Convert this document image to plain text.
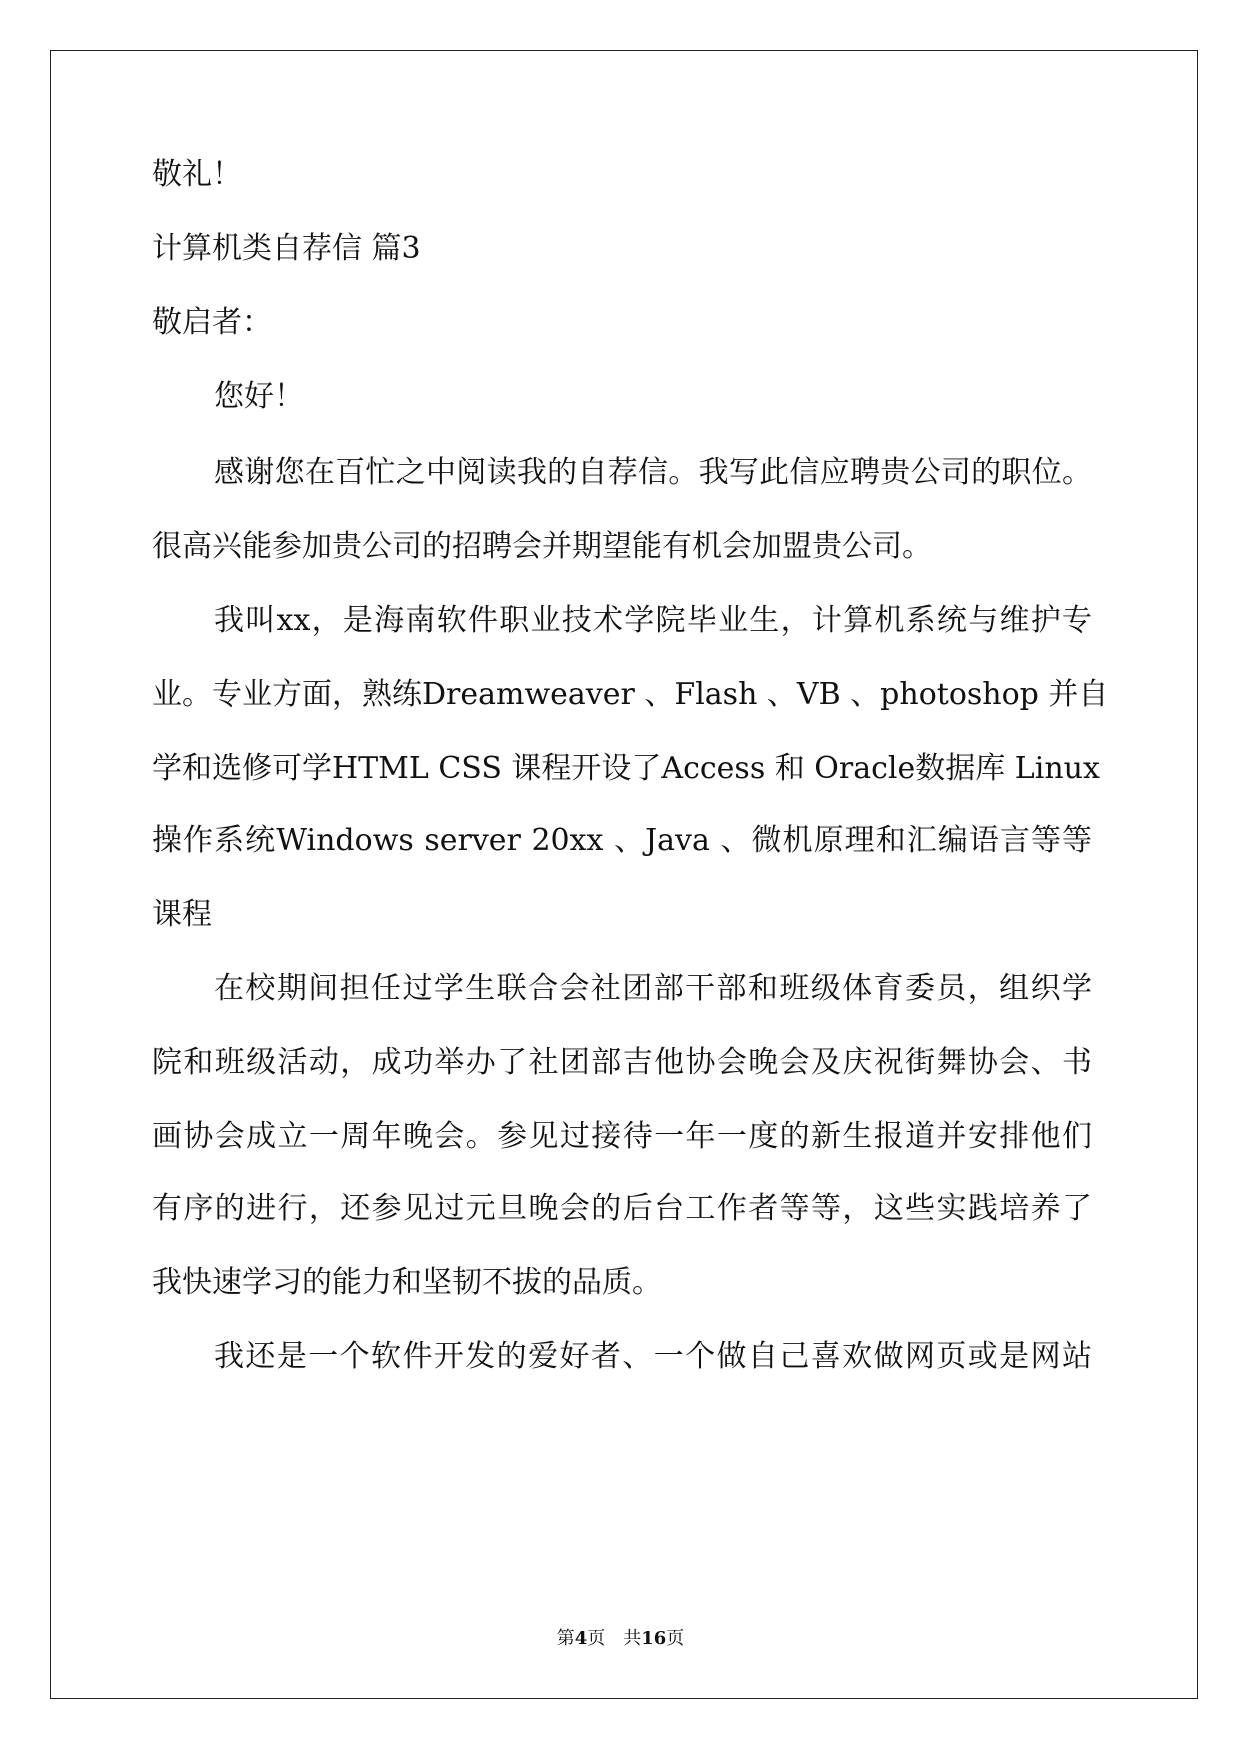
敬礼！
计算机类自荐信 篇3
敬启者：
您好！
感谢您在百忙之中阅读我的自荐信。我写此信应聘贵公司的职位。
很高兴能参加贵公司的招聘会并期望能有机会加盟贵公司。
我叫xx，是海南软件职业技术学院毕业生，计算机系统与维护专
业。专业方面，熟练Dreamweaver 、Flash 、VB 、photoshop 并自
学和选修可学HTML CSS 课程开设了Access 和 Oracle数据库 Linux
操作系统Windows server 20xx 、Java 、微机原理和汇编语言等等
课程
在校期间担任过学生联合会社团部干部和班级体育委员，组织学
院和班级活动，成功举办了社团部吉他协会晚会及庆祝街舞协会、书
画协会成立一周年晚会。参见过接待一年一度的新生报道并安排他们
有序的进行，还参见过元旦晚会的后台工作者等等，这些实践培养了
我快速学习的能力和坚韧不拔的品质。
我还是一个软件开发的爱好者、一个做自己喜欢做网页或是网站
第4页　共16页
